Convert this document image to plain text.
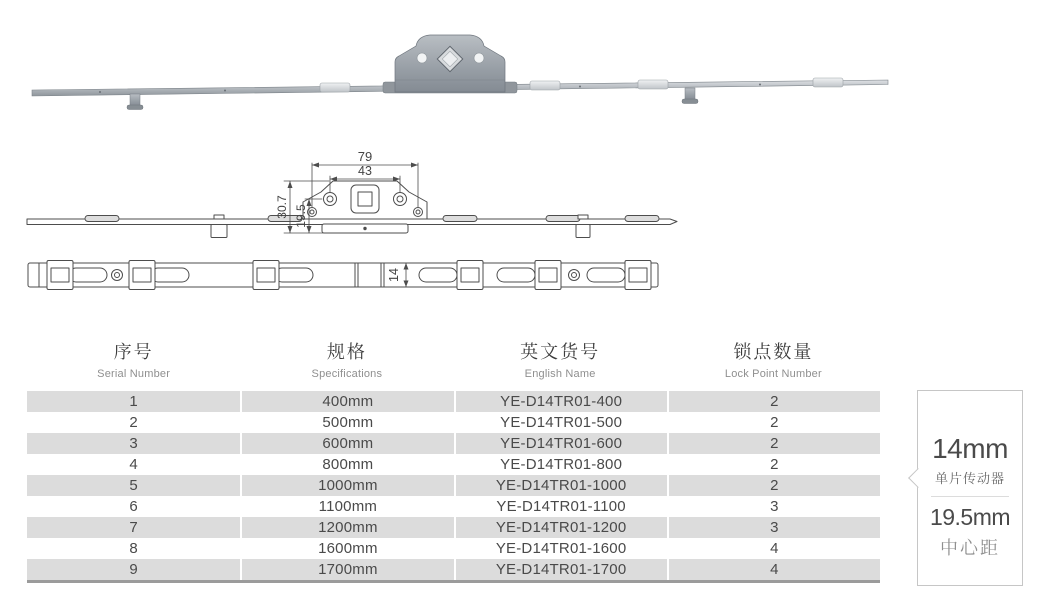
79
43
30.7 19.5
14
序号
Serial Number
规格
Specifications
英文货号
English Name
锁点数量
Lock Point Number
1	400mm	YE-D14TR01-400	2
2	500mm	YE-D14TR01-500	2
3	600mm	YE-D14TR01-600	2
4	800mm	YE-D14TR01-800	2
5	1000mm	YE-D14TR01-1000	2
6	1100mm	YE-D14TR01-1100	3
7	1200mm	YE-D14TR01-1200	3
8	1600mm	YE-D14TR01-1600	4
9	1700mm	YE-D14TR01-1700	4
14mm
单片传动器
19.5mm
中心距
